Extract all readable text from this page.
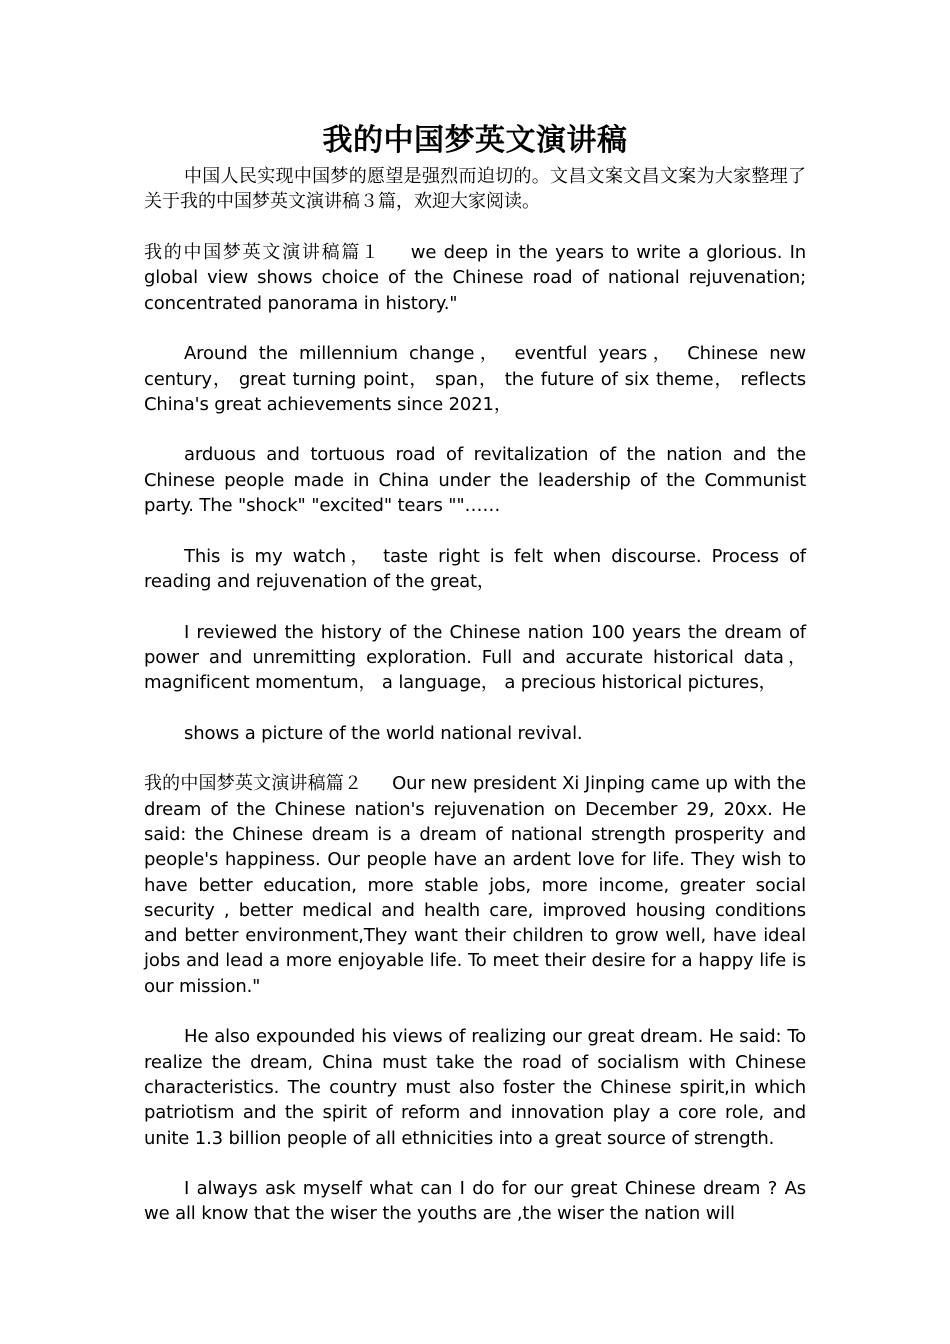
我的中国梦英文演讲稿

中国人民实现中国梦的愿望是强烈而迫切的。文昌文案文昌文案为大家整理了关于我的中国梦英文演讲稿３篇，欢迎大家阅读。

我的中国梦英文演讲稿篇１ we deep in the years to write a glorious. In global view shows choice of the Chinese road of national rejuvenation; concentrated panorama in history."

Around the millennium change， eventful years， Chinese new century， great turning point， span， the future of six theme， reflects China's great achievements since 2021，

arduous and tortuous road of revitalization of the nation and the Chinese people made in China under the leadership of the Communist party. The "shock" "excited" tears ""……

This is my watch， taste right is felt when discourse. Process of reading and rejuvenation of the great，

I reviewed the history of the Chinese nation 100 years the dream of power and unremitting exploration. Full and accurate historical data， magnificent momentum， a language， a precious historical pictures，

shows a picture of the world national revival.

我的中国梦英文演讲稿篇２ Our new president Xi Jinping came up with the dream of the Chinese nation's rejuvenation on December 29, 20xx. He said: the Chinese dream is a dream of national strength prosperity and people's happiness. Our people have an ardent love for life. They wish to have better education, more stable jobs, more income, greater social security , better medical and health care, improved housing conditions and better environment,They want their children to grow well, have ideal jobs and lead a more enjoyable life. To meet their desire for a happy life is our mission."

He also expounded his views of realizing our great dream. He said: To realize the dream, China must take the road of socialism with Chinese characteristics. The country must also foster the Chinese spirit,in which patriotism and the spirit of reform and innovation play a core role, and unite 1.3 billion people of all ethnicities into a great source of strength.

I always ask myself what can I do for our great Chinese dream ? As we all know that the wiser the youths are ,the wiser the nation will
